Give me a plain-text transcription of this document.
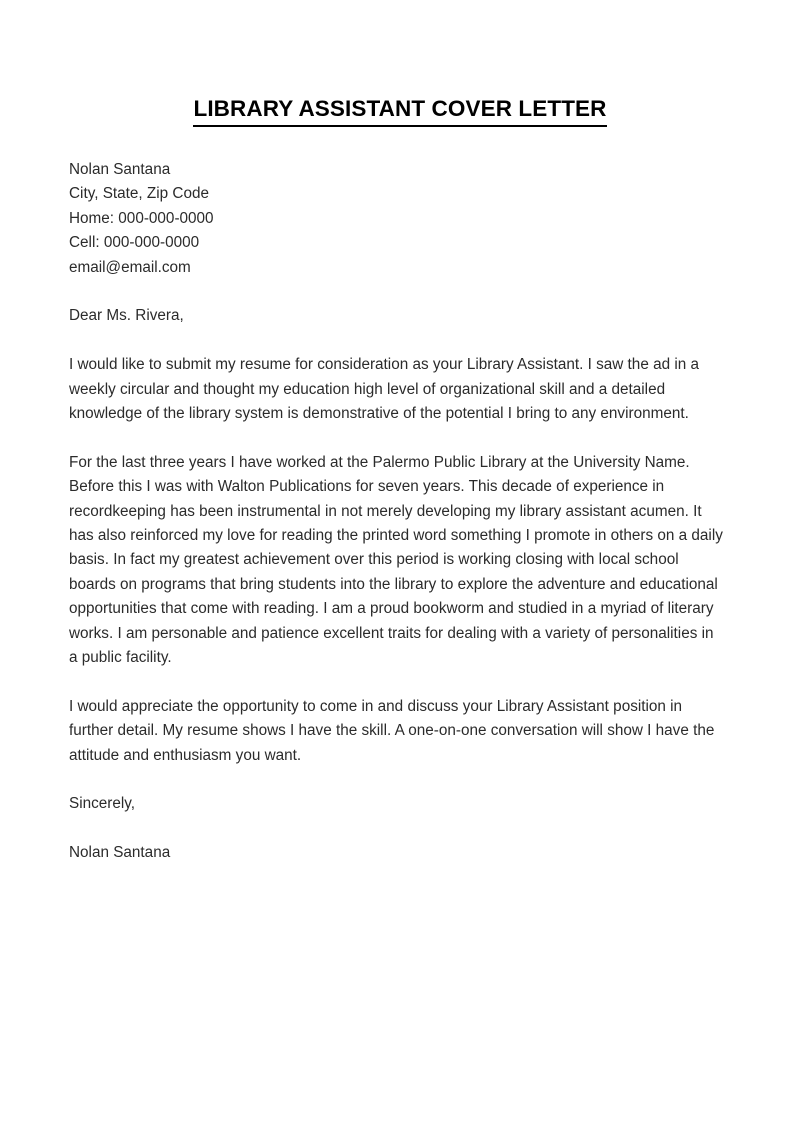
LIBRARY ASSISTANT COVER LETTER
Nolan Santana
City, State, Zip Code
Home: 000-000-0000
Cell: 000-000-0000
email@email.com
Dear Ms. Rivera,

I would like to submit my resume for consideration as your Library Assistant. I saw the ad in a weekly circular and thought my education high level of organizational skill and a detailed knowledge of the library system is demonstrative of the potential I bring to any environment.

For the last three years I have worked at the Palermo Public Library at the University Name. Before this I was with Walton Publications for seven years. This decade of experience in recordkeeping has been instrumental in not merely developing my library assistant acumen. It has also reinforced my love for reading the printed word something I promote in others on a daily basis. In fact my greatest achievement over this period is working closing with local school boards on programs that bring students into the library to explore the adventure and educational opportunities that come with reading. I am a proud bookworm and studied in a myriad of literary works. I am personable and patience excellent traits for dealing with a variety of personalities in a public facility.

I would appreciate the opportunity to come in and discuss your Library Assistant position in further detail. My resume shows I have the skill. A one-on-one conversation will show I have the attitude and enthusiasm you want.

Sincerely,
Nolan Santana
